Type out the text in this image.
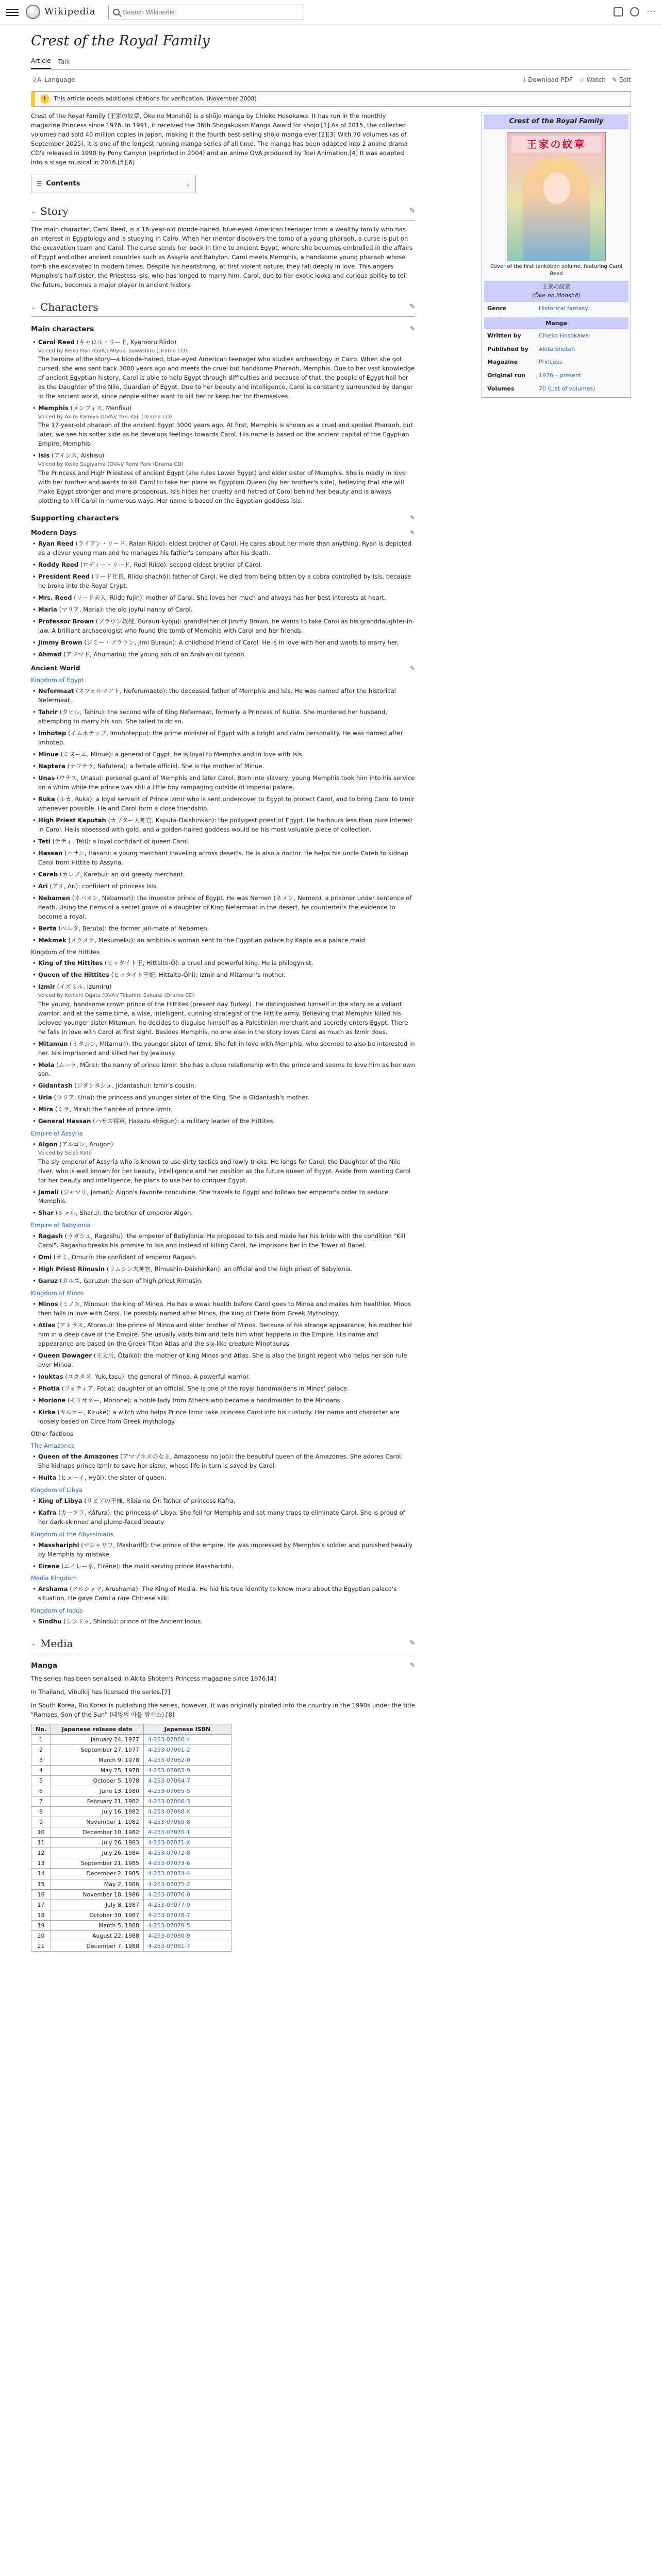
Wikipedia
Search Wikipedia	⋯
Crest of the Royal Family
Article Talk
文A Language	⤓ Download PDF ☆ Watch ✎ Edit
!	This article needs additional citations for verification. (November 2008)

Crest of the Royal Family (王家の紋章, Ōke no Monshō) is a shōjo manga by Chieko Hosokawa. It has run in the monthly magazine Princess since 1976. In 1991, it received the 36th Shogakukan Manga Award for shōjo.[1] As of 2015, the collected volumes had sold 40 million copies in Japan, making it the fourth best-selling shōjo manga ever.[2][3] With 70 volumes (as of September 2025), it is one of the longest running manga series of all time. The manga has been adapted into 2 anime drama CD's released in 1990 by Pony Canyon (reprinted in 2004) and an anime OVA produced by Toei Animation.[4] It was adapted into a stage musical in 2016.[5][6]

☰ Contents	⌄
⌄ Story	✎

The main character, Carol Reed, is a 16-year-old blonde-haired, blue-eyed American teenager from a wealthy family who has an interest in Egyptology and is studying in Cairo. When her mentor discovers the tomb of a young pharaoh, a curse is put on the excavation team and Carol. The curse sends her back in time to ancient Egypt, where she becomes embroiled in the affairs of Egypt and other ancient countries such as Assyria and Babylon. Carol meets Memphis, a handsome young pharaoh whose tomb she excavated in modern times. Despite his headstrong, at first violent nature, they fall deeply in love. This angers Memphis's half-sister, the Priestess Isis, who has longed to marry him. Carol, due to her exotic looks and curious ability to tell the future, becomes a major player in ancient history.

⌄ Characters	✎
Main characters	✎
• Carol Reed (キャロル・リード, Kyarooru Riido)
Voiced by Keiko Han (OVA)/ Miyuki Sawashiro (Drama CD)
The heroine of the story—a blonde-haired, blue-eyed American teenager who studies archaeology in Cairo. When she got cursed, she was sent back 3000 years ago and meets the cruel but handsome Pharaoh, Memphis. Due to her vast knowledge of ancient Egyptian history, Carol is able to help Egypt through difficulties and because of that, the people of Egypt hail her as the Daughter of the Nile, Guardian of Egypt. Due to her beauty and intelligence, Carol is constantly surrounded by danger in the ancient world, since people either want to kill her or keep her for themselves.
• Memphis (メンフィス, Menfisu)
Voiced by Akira Kamiya (OVA)/ Yuki Kaji (Drama CD)
The 17-year-old pharaoh of the ancient Egypt 3000 years ago. At first, Memphis is shown as a cruel and spoiled Pharaoh, but later, we see his softer side as he develops feelings towards Carol. His name is based on the ancient capital of the Egyptian Empire, Memphis.
• Isis (アイシス, Aishisu)
Voiced by Keiko Sugiyama (OVA)/ Romi Park (Drama CD)
The Princess and High Priestess of ancient Egypt (she rules Lower Egypt) and elder sister of Memphis. She is madly in love with her brother and wants to kill Carol to take her place as Egyptian Queen (by her brother's side), believing that she will make Egypt stronger and more prosperous. Isis hides her cruelty and hatred of Carol behind her beauty and is always plotting to kill Carol in numerous ways. Her name is based on the Egyptian goddess Isis.
Supporting characters	✎
Modern Days	✎
• Ryan Reed (ライアン・リード, Raian Riido): eldest brother of Carol. He cares about her more than anything. Ryan is depicted as a clever young man and he manages his father's company after his death.
• Roddy Reed (ロディー・リード, Rodi Riido): second eldest brother of Carol.
• President Reed (リード社長, Riido-shachō): father of Carol. He died from being bitten by a cobra controlled by Isis, because he broke into the Royal Crypt.
• Mrs. Reed (リード夫人, Riido fujin): mother of Carol. She loves her much and always has her best interests at heart.
• Maria (マリア, Maria): the old joyful nanny of Carol.
• Professor Brown (ブラウン教授, Buraun-kyōju): grandfather of Jimmy Brown, he wants to take Carol as his granddaughter-in-law. A brilliant archaeologist who found the tomb of Memphis with Carol and her friends.
• Jimmy Brown (ジミー・ブラウン, Jimī Buraun): A childhood friend of Carol. He is in love with her and wants to marry her.
• Ahmad (アフマド, Ahumado): the young son of an Arabian oil tycoon.
Ancient World	✎
Kingdom of Egypt
• Nefermaat (ネフェルマアト, Neferumaato): the deceased father of Memphis and Isis. He was named after the historical Nefermaat.
• Tahrir (タヒル, Tahiru): the second wife of King Nefermaat, formerly a Princess of Nubia. She murdered her husband, attempting to marry his son. She failed to do so.
• Imhotep (イムホテップ, Imuhoteppu): the prime minister of Egypt with a bright and calm personality. He was named after Imhotep.
• Minue (ミヌーエ, Minue): a general of Egypt, he is loyal to Memphis and in love with Isis.
• Naptera (ナフテラ, Nafutera): a female official. She is the mother of Minue.
• Unas (ウナス, Unasu): personal guard of Memphis and later Carol. Born into slavery, young Memphis took him into his service on a whim while the prince was still a little boy rampaging outside of imperial palace.
• Ruka (ルカ, Ruka): a loyal servant of Prince Izmir who is sent undercover to Egypt to protect Carol, and to bring Carol to Izmir whenever possible. He and Carol form a close friendship.
• High Priest Kaputah (カプター大神官, Kaputā-Daishinkan): the pollygest priest of Egypt. He harbours less than pure interest in Carol. He is obsessed with gold, and a golden-haired goddess would be his most valuable piece of collection.
• Teti (テティ, Teti): a loyal confidant of queen Carol.
• Hassan (ハサン, Hasan): a young merchant traveling across deserts. He is also a doctor. He helps his uncle Careb to kidnap Carol from Hittite to Assyria.
• Careb (カレブ, Karebu): an old greedy merchant.
• Ari (アリ, Ari): confident of princess Isis.
• Nebamen (ネバメン, Nebamen): the impostor prince of Egypt. He was Nemen (ネメン, Nemen), a prisoner under sentence of death. Using the items of a secret grave of a daughter of King Nefermaat in the desert, he counterfeits the evidence to become a royal.
• Berta (ベルタ, Beruta): the former jail-mate of Nebamen.
• Mekmek (メクメク, Mekumeku): an ambitious woman sent to the Egyptian palace by Kapta as a palace maid.
Kingdom of the Hittites
• King of the Hittites (ヒッタイト王, Hittaito-Ō): a cruel and powerful king. He is philogynist.
• Queen of the Hittites (ヒッタイト王妃, Hittaito-Ōhi): Izmir and Mitamun's mother.
• Izmir (イズミル, Izumiru)
Voiced by Kenichi Ogata (OVA)/ Takahiro Sakurai (Drama CD)
The young, handsome crown prince of the Hittites (present day Turkey). He distinguished himself in the story as a valiant warrior, and at the same time, a wise, intelligent, cunning strategist of the Hittite army. Believing that Memphis killed his beloved younger sister Mitamun, he decides to disguise himself as a Palestinian merchant and secretly enters Egypt. There he falls in love with Carol at first sight. Besides Memphis, no one else in the story loves Carol as much as Izmir does.
• Mitamun (ミタムン, Mitamun): the younger sister of Izmir. She fell in love with Memphis, who seemed to also be interested in her. Isis imprisoned and killed her by jealousy.
• Mola (ムーラ, Mūra): the nanny of prince Izmir. She has a close relationship with the prince and seems to love him as her own son.
• Gidantash (ジダンタシュ, Jidantashu): Izmir's cousin.
• Uria (ウリア, Uria): the princess and younger sister of the King. She is Gidantash's mother.
• Mira (ミラ, Mira): the fiancée of prince Izmir.
• General Hassan (ハザズ将軍, Hazazu-shōgun): a military leader of the Hittites.
Empire of Assyria
• Algon (アルゴン, Arugon)
Voiced by Seizō Katō
The sly emperor of Assyria who is known to use dirty tactics and lowly tricks. He longs for Carol, the Daughter of the Nile river, who is well known for her beauty, intelligence and her position as the future queen of Egypt. Aside from wanting Carol for her beauty and intelligence, he plans to use her to conquer Egypt.
• Jamali (ジャマリ, Jamari): Algon's favorite concubine. She travels to Egypt and follows her emperor's order to seduce Memphis.
• Shar (シャル, Sharu): the brother of emperor Algon.
Empire of Babylonia
• Ragash (ラガシュ, Ragashu): the emperor of Babylonia: He proposed to Isis and made her his bride with the condition "Kill Carol". Ragashu breaks his promise to Isis and instead of killing Carol, he imprisons her in the Tower of Babel.
• Omi (オミ, Omuri): the confidant of emperor Ragash.
• High Priest Rimusin (リムシン大神官, Rimushin-Daishinkan): an official and the high priest of Babylonia.
• Garuz (ガルズ, Garuzu): the son of high priest Rimusin.
Kingdom of Minos
• Minos (ミノス, Minosu): the king of Minoa. He has a weak health before Carol goes to Minoa and makes him healthier. Minos then falls in love with Carol. He possibly named after Minos, the king of Crete from Greek Mythology.
• Atlas (アトラス, Atorasu): the prince of Minoa and elder brother of Minos. Because of his strange appearance, his mother hid him in a deep cave of the Empire. She usually visits him and tells him what happens in the Empire. His name and appearance are based on the Greek Titan Atlas and the six-like creature Minotaurus.
• Queen Dowager (王太后, Ōtaikō): the mother of king Minos and Atlas. She is also the bright regent who helps her son rule over Minoa.
• Iouktas (ユクタス, Yukutasu): the general of Minoa. A powerful warrior.
• Photia (フォティア, Fotia): daughter of an official. She is one of the royal handmaidens in Minos' palace.
• Morione (モリオネー, Morione): a noble lady from Athens who became a handmaiden to the Minoans.
• Kirke (キルケー, Kirukē): a witch who helps Prince Izmir take princess Carol into his custody. Her name and character are loosely based on Circe from Greek mythology.
Other factions
The Amazones
• Queen of the Amazones (アマゾネスの女王, Amazonesu no Joō): the beautiful queen of the Amazones. She adores Carol. She kidnaps prince Izmir to save her sister, whose life in turn is saved by Carol.
• Huita (ヒューイ, Hyūi): the sister of queen.
Kingdom of Libya
• King of Libya (リビアの王様, Ribia no Ō): father of princess Kafra.
• Kafra (カーフラ, Kāfura): the princess of Libya. She fell for Memphis and set many traps to eliminate Carol. She is proud of her dark-skinned and plump-faced beauty.
Kingdom of the Abyssinians
• Masshariphi (マシャリフ, Mashariff): the prince of the empire. He was impressed by Memphis's soldier and punished heavily by Memphis by mistake.
• Eirene (エイレーネ, Eirēne): the maid serving prince Masshariphi.
Media Kingdom
• Arshama (アルシャマ, Arushama): The King of Media. He hid his true identity to know more about the Egyptian palace's situation. He gave Carol a rare Chinese silk.
Kingdom of Indus
• Sindhu (シンドゥ, Shindu): prince of the Ancient Indus.
⌄ Media	✎
Manga	✎

The series has been serialised in Akita Shoten's Princess magazine since 1976.[4]

In Thailand, Vibulkij has licensed the series.[7]

In South Korea, Rin Korea is publishing the series, however, it was originally pirated into the country in the 1990s under the title "Ramses, Son of the Sun" (태양의 아들 람세스).[8]

No.	Japanese release date	Japanese ISBN
1	January 24, 1977	4-253-07060-4
2	September 27, 1977	4-253-07061-2
3	March 9, 1978	4-253-07062-0
4	May 25, 1978	4-253-07063-9
5	October 5, 1978	4-253-07064-7
6	June 13, 1980	4-253-07065-5
7	February 21, 1982	4-253-07066-3
8	July 16, 1982	4-253-07068-X
9	November 1, 1982	4-253-07069-8
10	December 10, 1982	4-253-07070-1
11	July 26, 1983	4-253-07071-X
12	July 26, 1984	4-253-07072-8
13	September 21, 1985	4-253-07073-6
14	December 2, 1985	4-253-07074-4
15	May 2, 1986	4-253-07075-2
16	November 18, 1986	4-253-07076-0
17	July 8, 1987	4-253-07077-9
18	October 30, 1987	4-253-07078-7
19	March 5, 1988	4-253-07079-5
20	August 22, 1988	4-253-07080-9
21	December 7, 1988	4-253-07081-7
Crest of the Royal Family
王家の紋章
Cover of the first tankōbon volume, featuring Carol Reed
王家の紋章
(Ōke no Monshō)
Genre	Historical fantasy
Manga
Written by	Chieko Hosokawa
Published by	Akita Shoten
Magazine	Princess
Original run	1976 – present
Volumes	70 (List of volumes)
